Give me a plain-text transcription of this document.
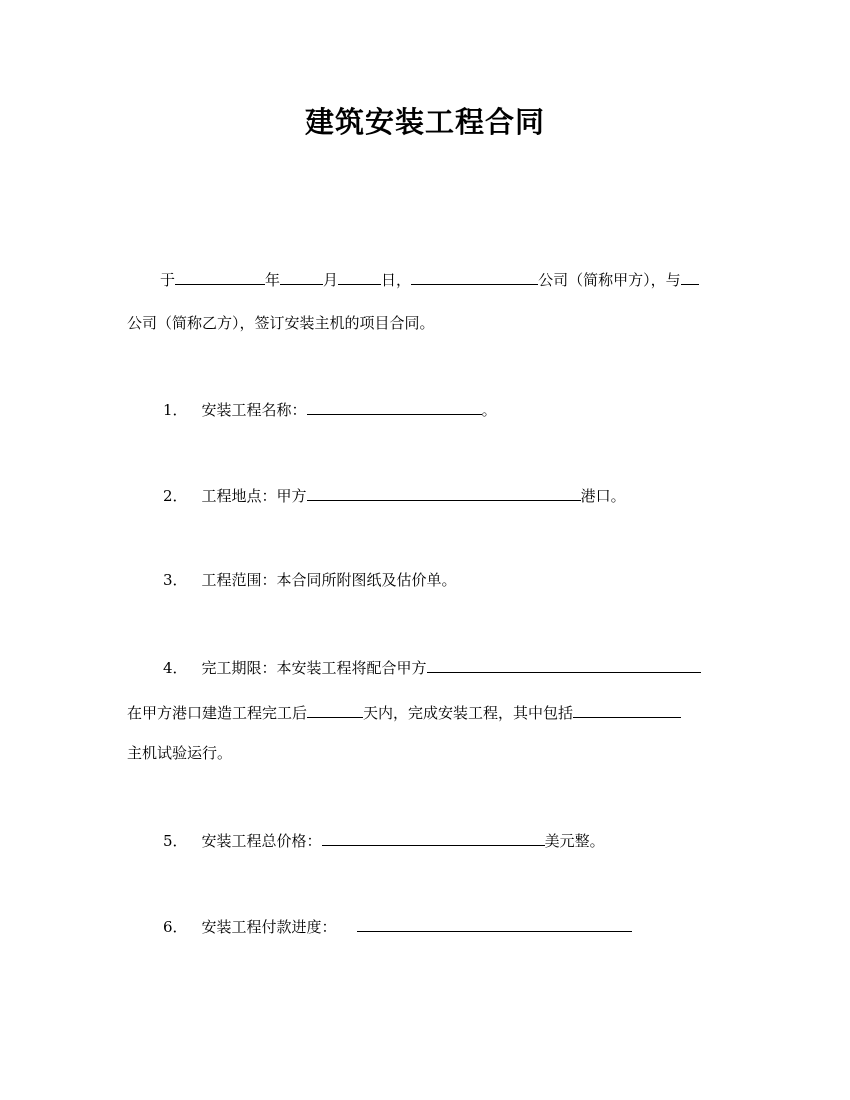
建筑安装工程合同
于	年	月	日，	公司（简称甲方），与
公司（简称乙方），签订安装主机的项目合同。
1． 安装工程名称：	。
2． 工程地点：甲方	港口。
3． 工程范围：本合同所附图纸及估价单。
4． 完工期限：本安装工程将配合甲方
在甲方港口建造工程完工后	天内，完成安装工程，其中包括
主机试验运行。
5． 安装工程总价格：	美元整。
6． 安装工程付款进度：
